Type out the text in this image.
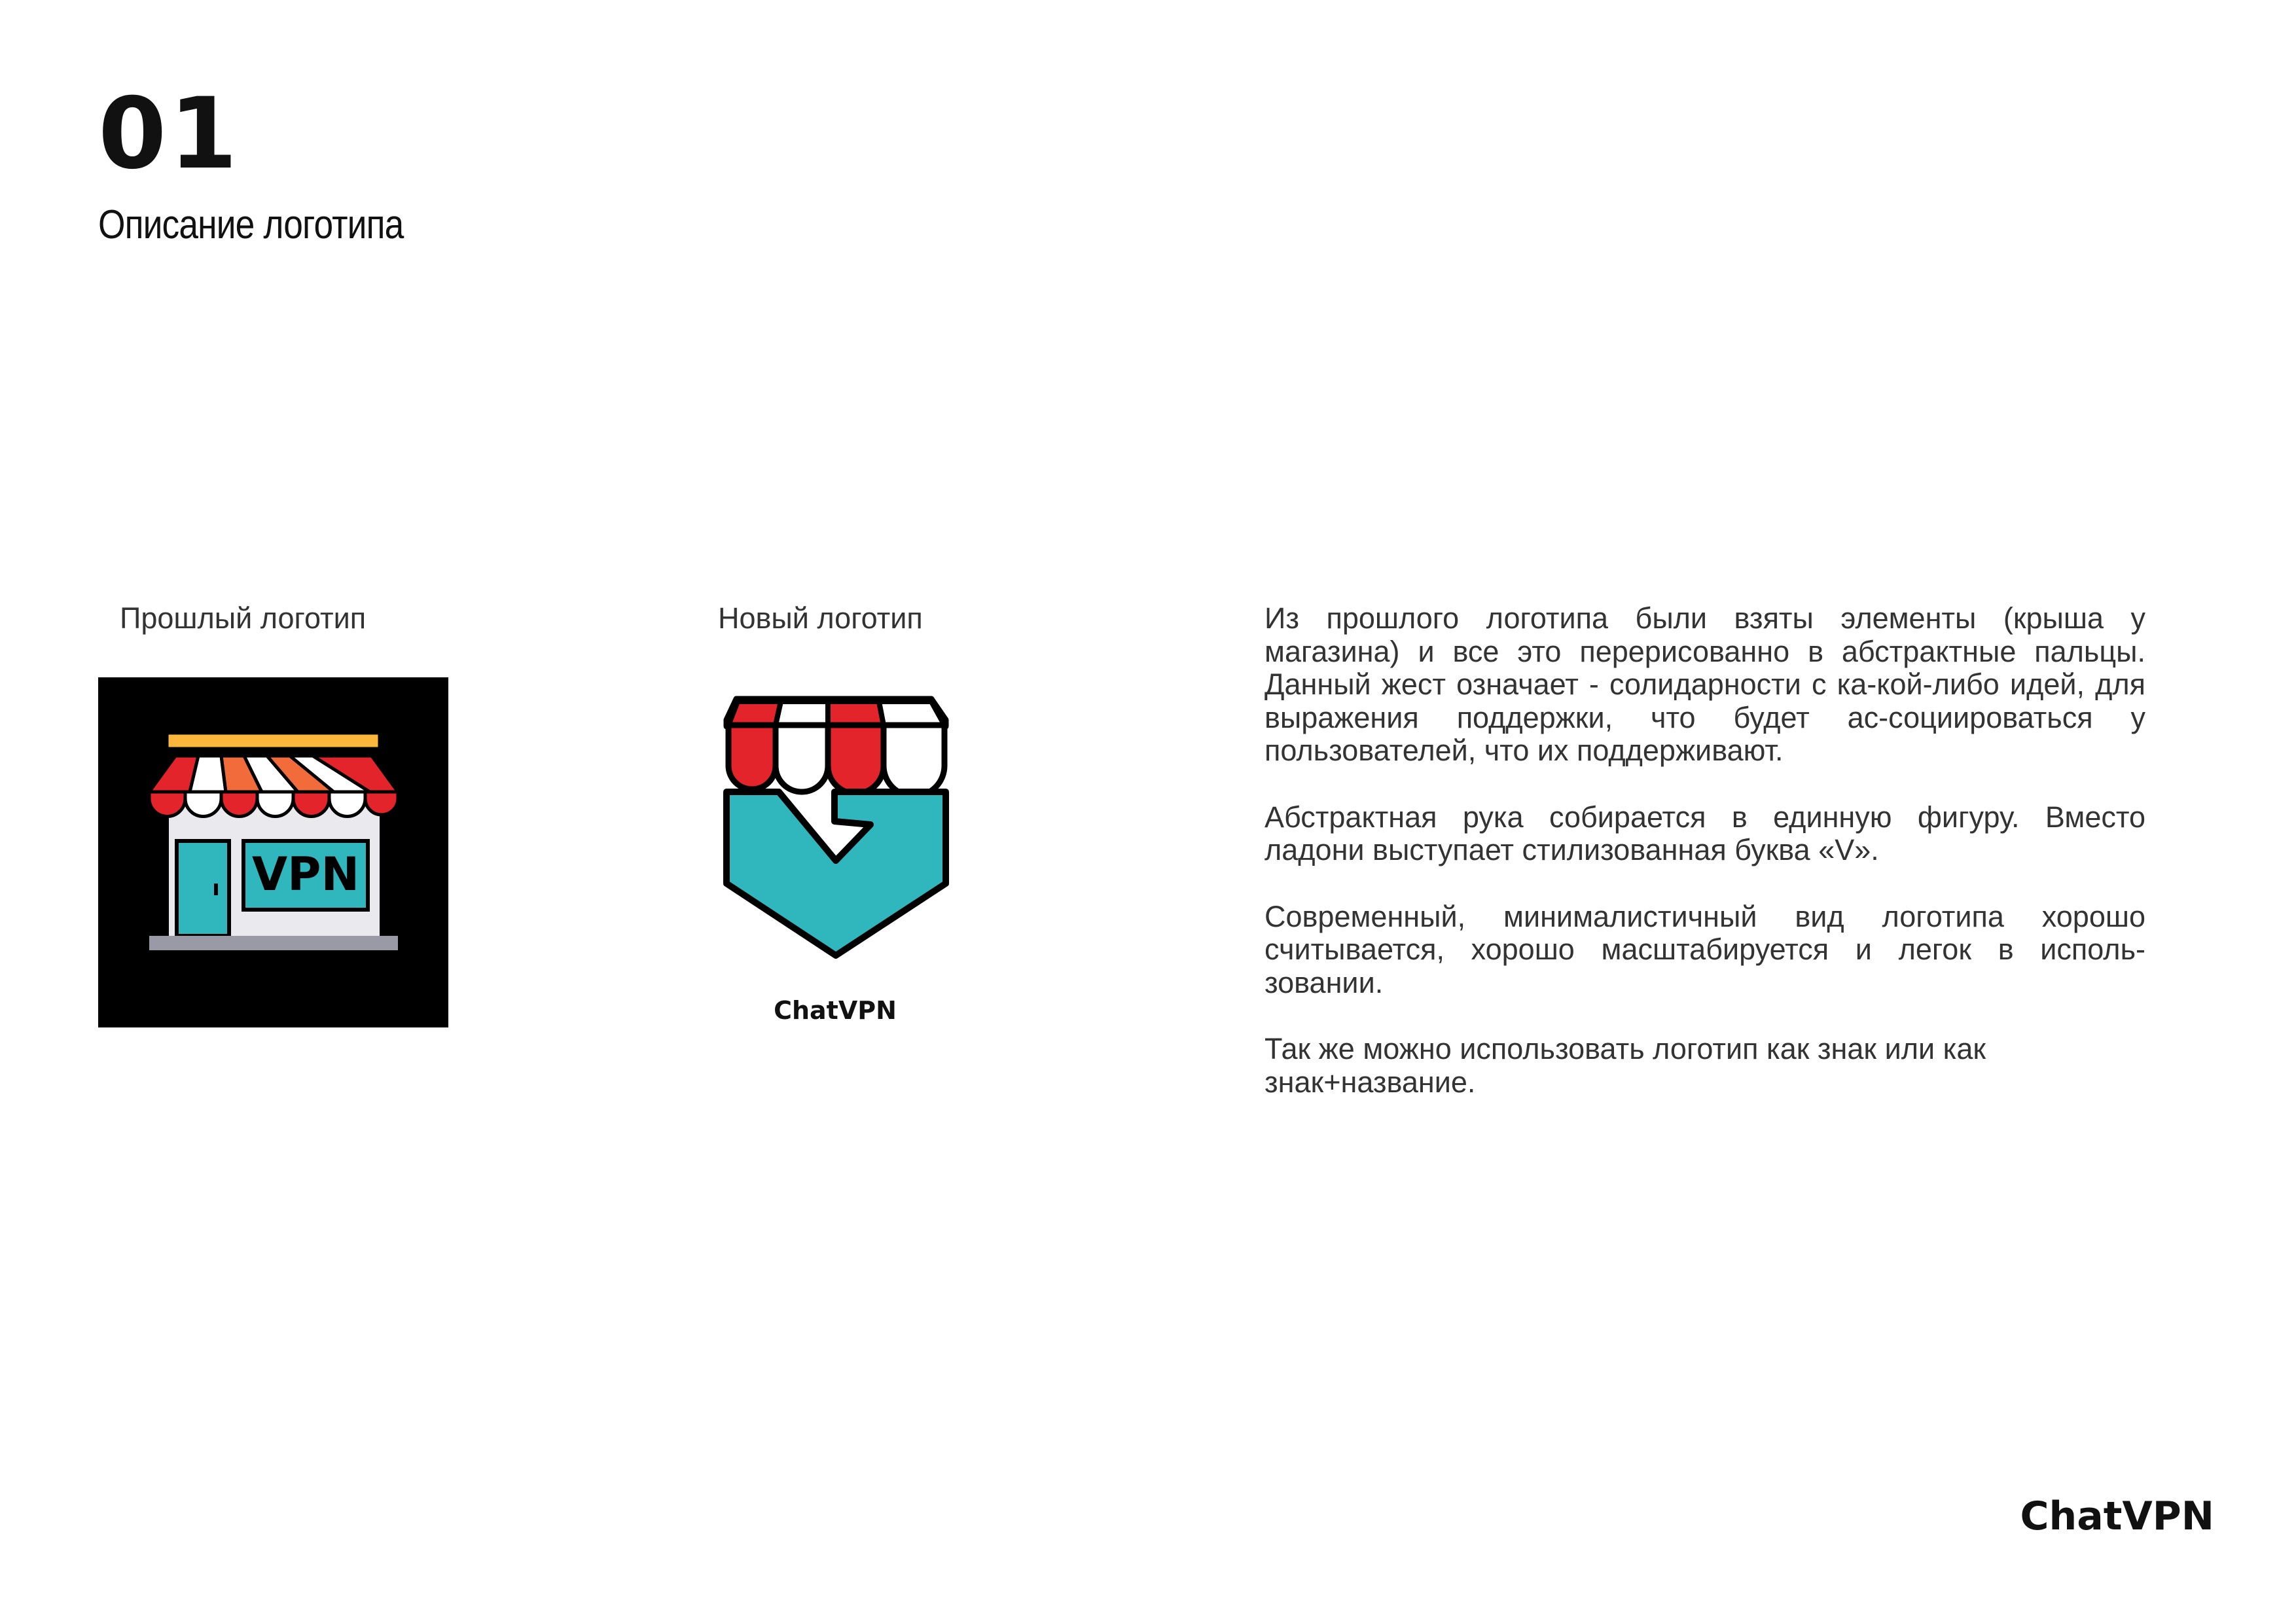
01
Описание логотипа
Прошлый логотип	Новый логотип
VPN
ChatVPN

Из прошлого логотипа были взяты элементы (крыша у магазина) и все это перерисованно в абстрактные пальцы. Данный жест означает - солидарности с ка-кой-либо идей, для выражения поддержки, что будет ас-социироваться у пользователей, что их поддерживают.

Абстрактная рука собирается в единную фигуру. Вместо ладони выступает стилизованная буква «V».

Современный, минималистичный вид логотипа хорошо считывается, хорошо масштабируется и легок в исполь-зовании.

Так же можно использовать логотип как знак или как знак+название.

ChatVPN
